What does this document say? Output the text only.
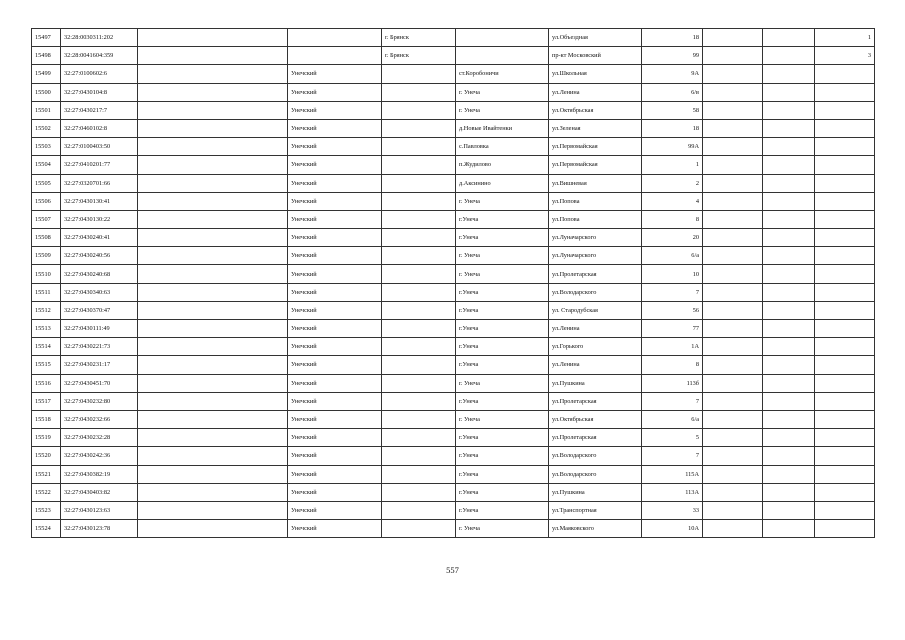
15497	32:28:0030311:202			г. Брянск		ул.Объездная	18			1
15498	32:28:0041604:359			г. Брянск		пр-кт Московский	99			3
15499	32:27:0100602:6		Унечский		ст.Коробоничи	ул.Школьная	9А			
15500	32:27:0430104:8		Унечский		г. Унеча	ул.Ленина	6/в			
15501	32:27:0430217:7		Унечский		г. Унеча	ул.Октябрьская	58			
15502	32:27:0460102:8		Унечский		д.Новые Ивайтенки	ул.Зеленая	18			
15503	32:27:0100403:50		Унечский		с.Павловка	ул.Первомайская	99А			
15504	32:27:0410201:77		Унечский		п.Жудилово	ул.Первомайская	1			
15505	32:27:0320701:66		Унечский		д.Аксинино	ул.Вишневая	2			
15506	32:27:0430130:41		Унечский		г. Унеча	ул.Попова	4			
15507	32:27:0430130:22		Унечский		г.Унеча	ул.Попова	8			
15508	32:27:0430240:41		Унечский		г.Унеча	ул.Луначарского	20			
15509	32:27:0430240:56		Унечский		г. Унеча	ул.Луначарского	6/а			
15510	32:27:0430240:68		Унечский		г. Унеча	ул.Пролетарская	10			
15511	32:27:0430340:63		Унечский		г.Унеча	ул.Володарского	7			
15512	32:27:0430370:47		Унечский		г.Унеча	ул. Стародубская	56			
15513	32:27:0430111:49		Унечский		г.Унеча	ул.Ленина	77			
15514	32:27:0430221:73		Унечский		г.Унеча	ул.Горького	1А			
15515	32:27:0430231:17		Унечский		г.Унеча	ул.Ленина	8			
15516	32:27:0430451:70		Унечский		г. Унеча	ул.Пушкина	113б			
15517	32:27:0430232:80		Унечский		г.Унеча	ул.Пролетарская	7			
15518	32:27:0430232:66		Унечский		г. Унеча	ул.Октябрьская	6/а			
15519	32:27:0430232:28		Унечский		г.Унеча	ул.Пролетарская	5			
15520	32:27:0430242:36		Унечский		г.Унеча	ул.Володарского	7			
15521	32:27:0430382:19		Унечский		г.Унеча	ул.Володарского	115А			
15522	32:27:0430403:82		Унечский		г.Унеча	ул.Пушкина	113А			
15523	32:27:0430123:63		Унечский		г.Унеча	ул.Транспортная	33			
15524	32:27:0430123:78		Унечский		г. Унеча	ул.Маяковского	10А			
557
